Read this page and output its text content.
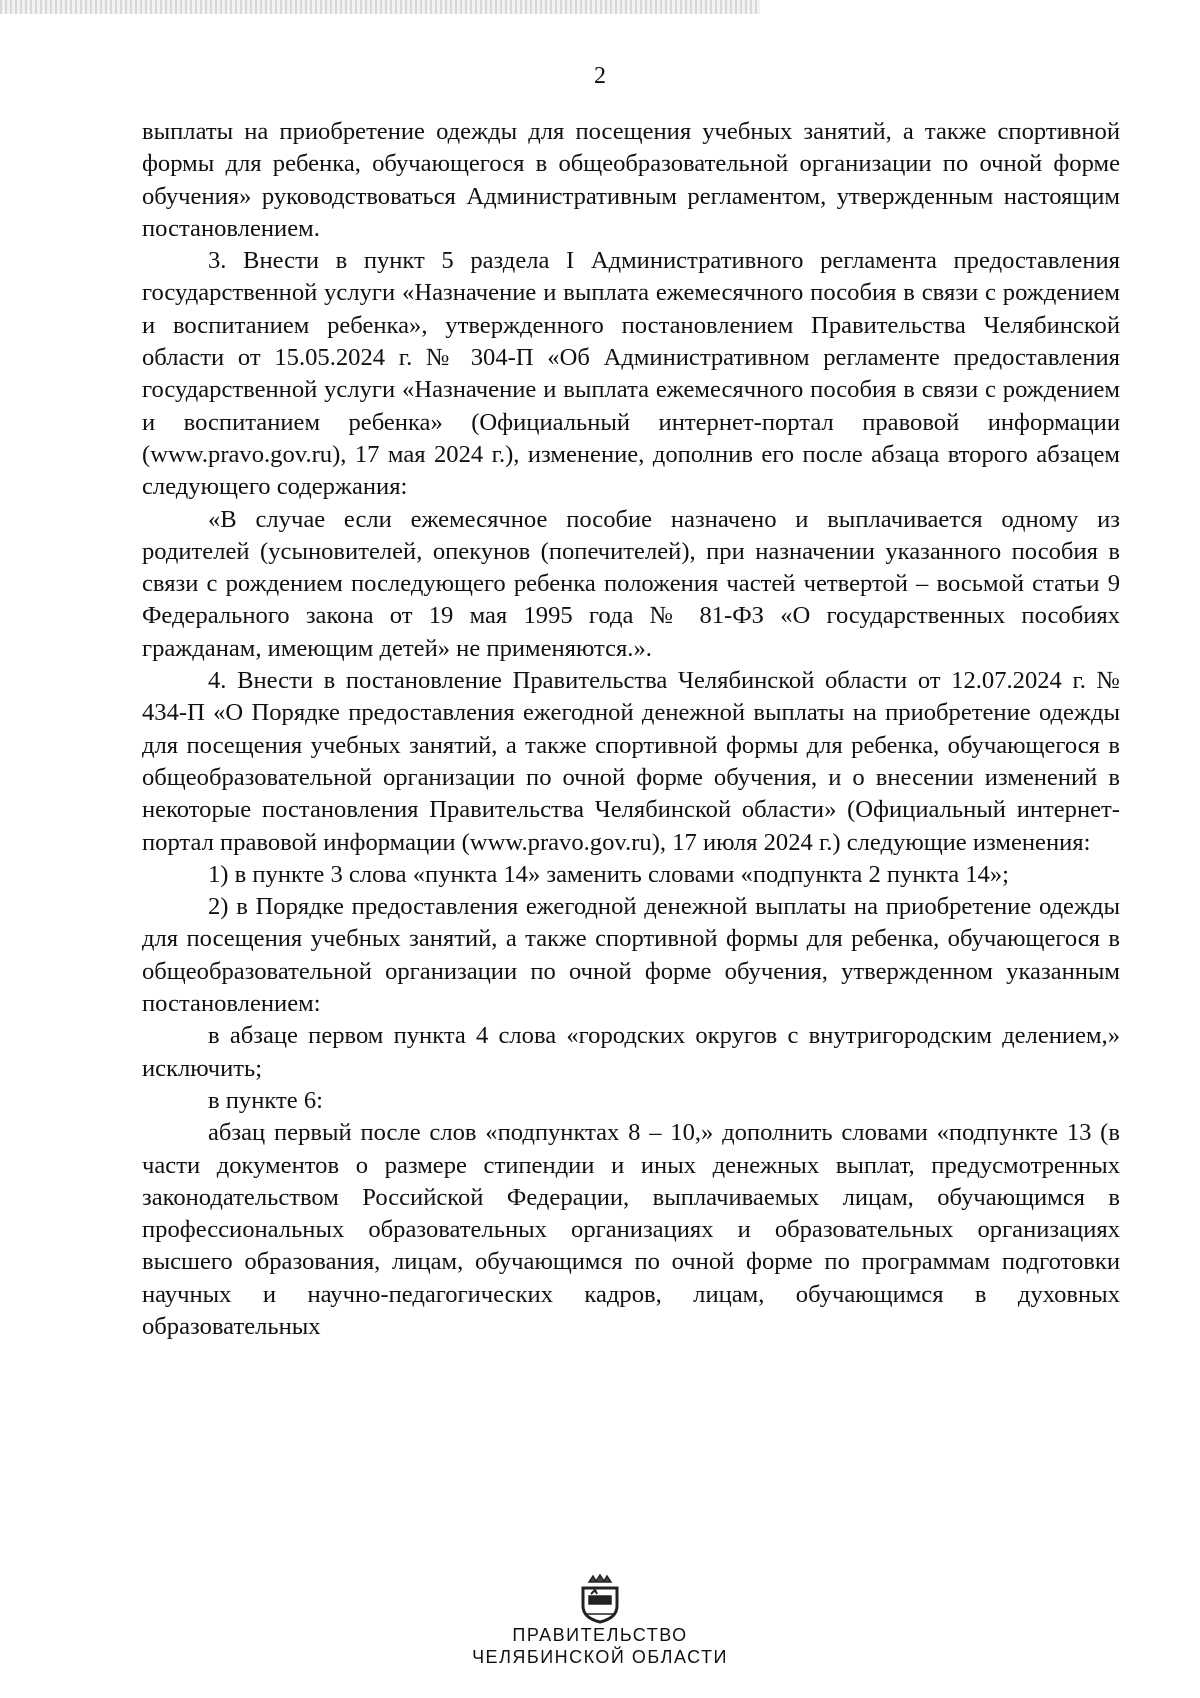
2

выплаты на приобретение одежды для посещения учебных занятий, а также спортивной формы для ребенка, обучающегося в общеобразовательной организации по очной форме обучения» руководствоваться Административным регламентом, утвержденным настоящим постановлением.

3. Внести в пункт 5 раздела I Административного регламента предоставления государственной услуги «Назначение и выплата ежемесячного пособия в связи с рождением и воспитанием ребенка», утвержденного постановлением Правительства Челябинской области от 15.05.2024 г. № 304-П «Об Административном регламенте предоставления государственной услуги «Назначение и выплата ежемесячного пособия в связи с рождением и воспитанием ребенка» (Официальный интернет-портал правовой информации (www.pravo.gov.ru), 17 мая 2024 г.), изменение, дополнив его после абзаца второго абзацем следующего содержания:

«В случае если ежемесячное пособие назначено и выплачивается одному из родителей (усыновителей, опекунов (попечителей), при назначении указанного пособия в связи с рождением последующего ребенка положения частей четвертой – восьмой статьи 9 Федерального закона от 19 мая 1995 года № 81-ФЗ «О государственных пособиях гражданам, имеющим детей» не применяются.».

4. Внести в постановление Правительства Челябинской области от 12.07.2024 г. № 434-П «О Порядке предоставления ежегодной денежной выплаты на приобретение одежды для посещения учебных занятий, а также спортивной формы для ребенка, обучающегося в общеобразовательной организации по очной форме обучения, и о внесении изменений в некоторые постановления Правительства Челябинской области» (Официальный интернет-портал правовой информации (www.pravo.gov.ru), 17 июля 2024 г.) следующие изменения:

1) в пункте 3 слова «пункта 14» заменить словами «подпункта 2 пункта 14»;

2) в Порядке предоставления ежегодной денежной выплаты на приобретение одежды для посещения учебных занятий, а также спортивной формы для ребенка, обучающегося в общеобразовательной организации по очной форме обучения, утвержденном указанным постановлением:

в абзаце первом пункта 4 слова «городских округов с внутригородским делением,» исключить;

в пункте 6:

абзац первый после слов «подпунктах 8 – 10,» дополнить словами «подпункте 13 (в части документов о размере стипендии и иных денежных выплат, предусмотренных законодательством Российской Федерации, выплачиваемых лицам, обучающимся в профессиональных образовательных организациях и образовательных организациях высшего образования, лицам, обучающимся по очной форме по программам подготовки научных и научно-педагогических кадров, лицам, обучающимся в духовных образовательных

ПРАВИТЕЛЬСТВО
ЧЕЛЯБИНСКОЙ ОБЛАСТИ
